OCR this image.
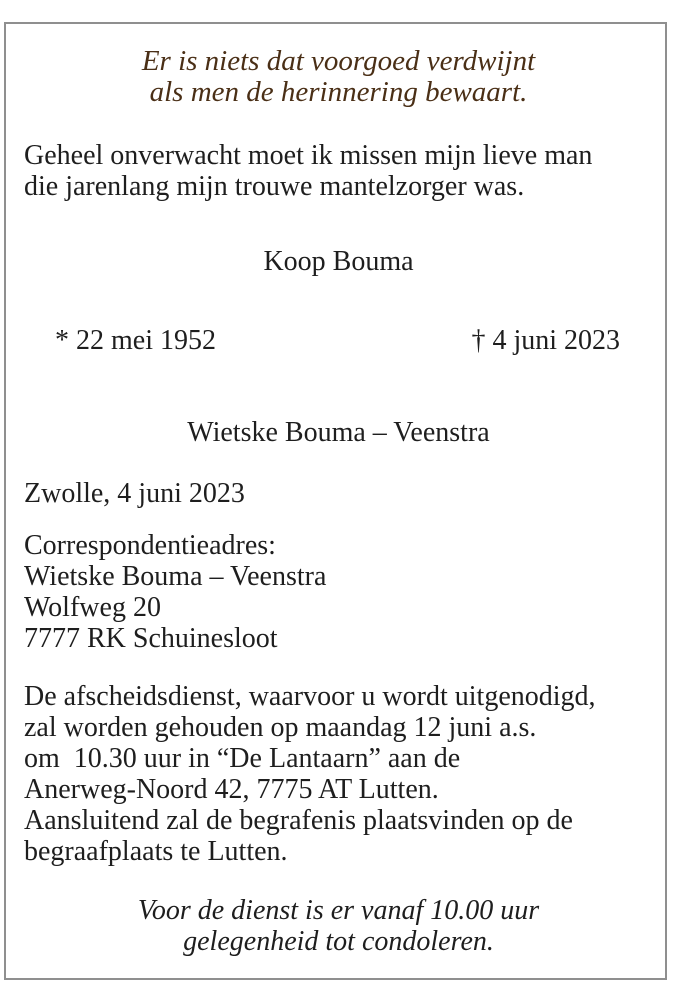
Er is niets dat voorgoed verdwijnt
als men de herinnering bewaart.
Geheel onverwacht moet ik missen mijn lieve man
die jarenlang mijn trouwe mantelzorger was.
Koop Bouma
* 22 mei 1952	† 4 juni 2023
Wietske Bouma – Veenstra
Zwolle, 4 juni 2023
Correspondentieadres:
Wietske Bouma – Veenstra
Wolfweg 20
7777 RK Schuinesloot
De afscheidsdienst, waarvoor u wordt uitgenodigd,
zal worden gehouden op maandag 12 juni a.s.
om  10.30 uur in “De Lantaarn” aan de
Anerweg-Noord 42, 7775 AT Lutten.
Aansluitend zal de begrafenis plaatsvinden op de
begraafplaats te Lutten.
Voor de dienst is er vanaf 10.00 uur
gelegenheid tot condoleren.
